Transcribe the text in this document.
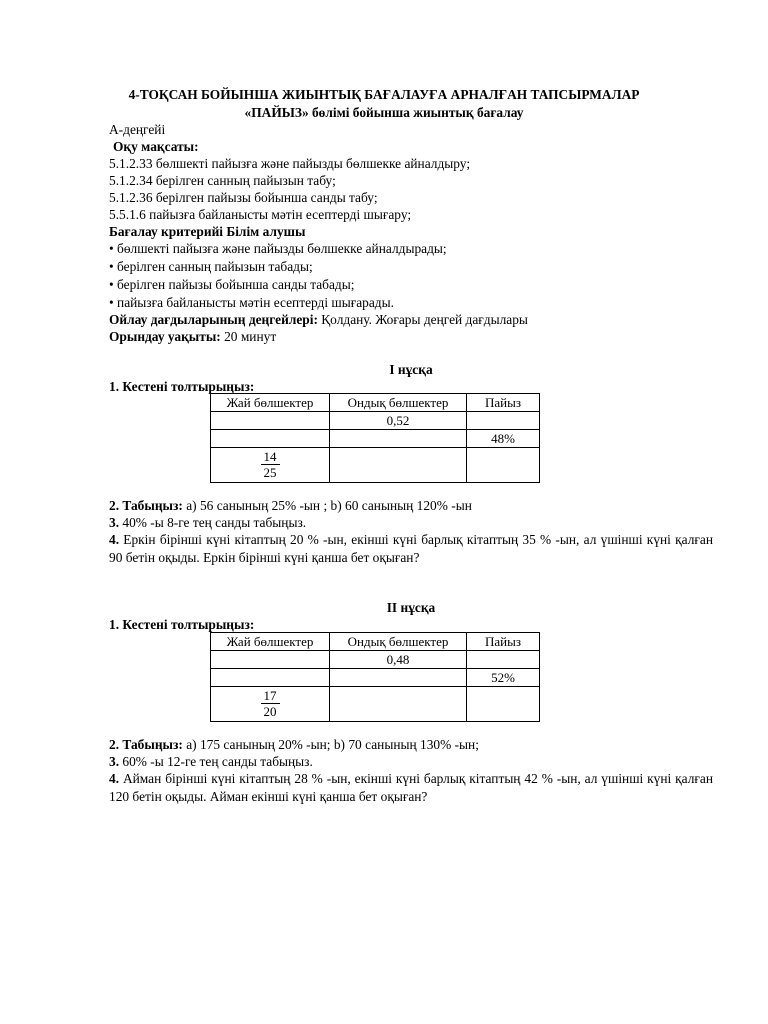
4-ТОҚСАН БОЙЫНША ЖИЫНТЫҚ БАҒАЛАУҒА АРНАЛҒАН ТАПСЫРМАЛАР
«ПАЙЫЗ» бөлімі бойынша жиынтық бағалау
А-деңгейі
Оқу мақсаты:
5.1.2.33 бөлшекті пайызға және пайызды бөлшекке айналдыру;
5.1.2.34 берілген санның пайызын табу;
5.1.2.36 берілген пайызы бойынша санды табу;
5.5.1.6 пайызға байланысты мәтін есептерді шығару;
Бағалау критерийі Білім алушы
• бөлшекті пайызға және пайызды бөлшекке айналдырады;
• берілген санның пайызын табады;
• берілген пайызы бойынша санды табады;
• пайызға байланысты мәтін есептерді шығарады.
Ойлау дағдыларының деңгейлері: Қолдану. Жоғары деңгей дағдылары
Орындау уақыты: 20 минут
І нұсқа
1. Кестені толтырыңыз:
Жай бөлшектер	Ондық бөлшектер	Пайыз
	0,52	
		48%

$\frac{14}{25}$

2. Табыңыз: a) 56 санының 25% -ын ; b) 60 санының 120% -ын
3. 40% -ы 8-ге тең санды табыңыз.
4. Еркін бірінші күні кітаптың 20 % -ын, екінші күні барлық кітаптың 35 % -ын, ал үшінші күні қалған 90 бетін оқыды. Еркін бірінші күні қанша бет оқыған?
ІІ нұсқа
1. Кестені толтырыңыз:
Жай бөлшектер	Ондық бөлшектер	Пайыз
	0,48	
		52%

$\frac{17}{20}$

2. Табыңыз: a) 175 санының 20% -ын; b) 70 санының 130% -ын;
3. 60% -ы 12-ге тең санды табыңыз.
4. Айман бірінші күні кітаптың 28 % -ын, екінші күні барлық кітаптың 42 % -ын, ал үшінші күні қалған 120 бетін оқыды. Айман екінші күні қанша бет оқыған?
